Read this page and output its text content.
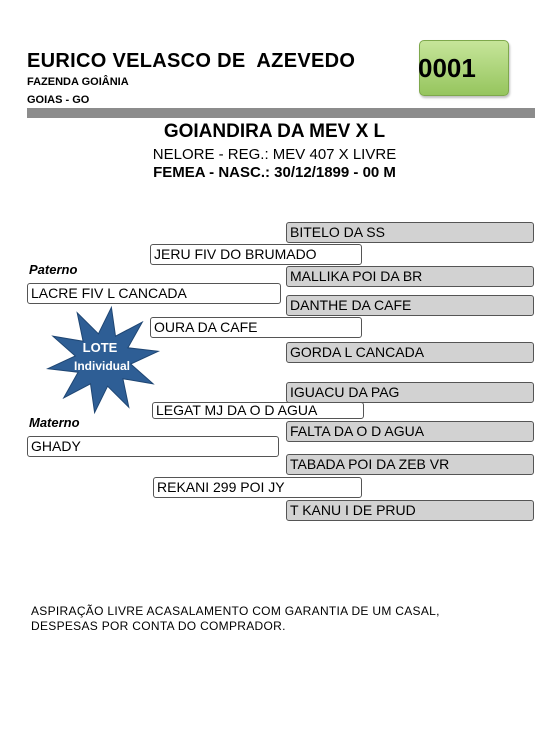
EURICO VELASCO DE  AZEVEDO
FAZENDA GOIÂNIA
GOIAS - GO
0001
GOIANDIRA DA MEV X L
NELORE - REG.: MEV 407 X LIVRE
FEMEA - NASC.: 30/12/1899 - 00 M
BITELO DA SS
MALLIKA POI DA BR
DANTHE DA CAFE
GORDA L CANCADA
IGUACU DA PAG
FALTA DA O D AGUA
TABADA POI DA ZEB VR
T KANU I DE PRUD
JERU FIV DO BRUMADO
OURA DA CAFE
LEGAT MJ DA O D AGUA
REKANI 299 POI JY
Paterno
LACRE FIV L CANCADA
Materno
GHADY
LOTE
Individual
ASPIRAÇÃO LIVRE ACASALAMENTO COM GARANTIA DE UM CASAL,
DESPESAS POR CONTA DO COMPRADOR.
